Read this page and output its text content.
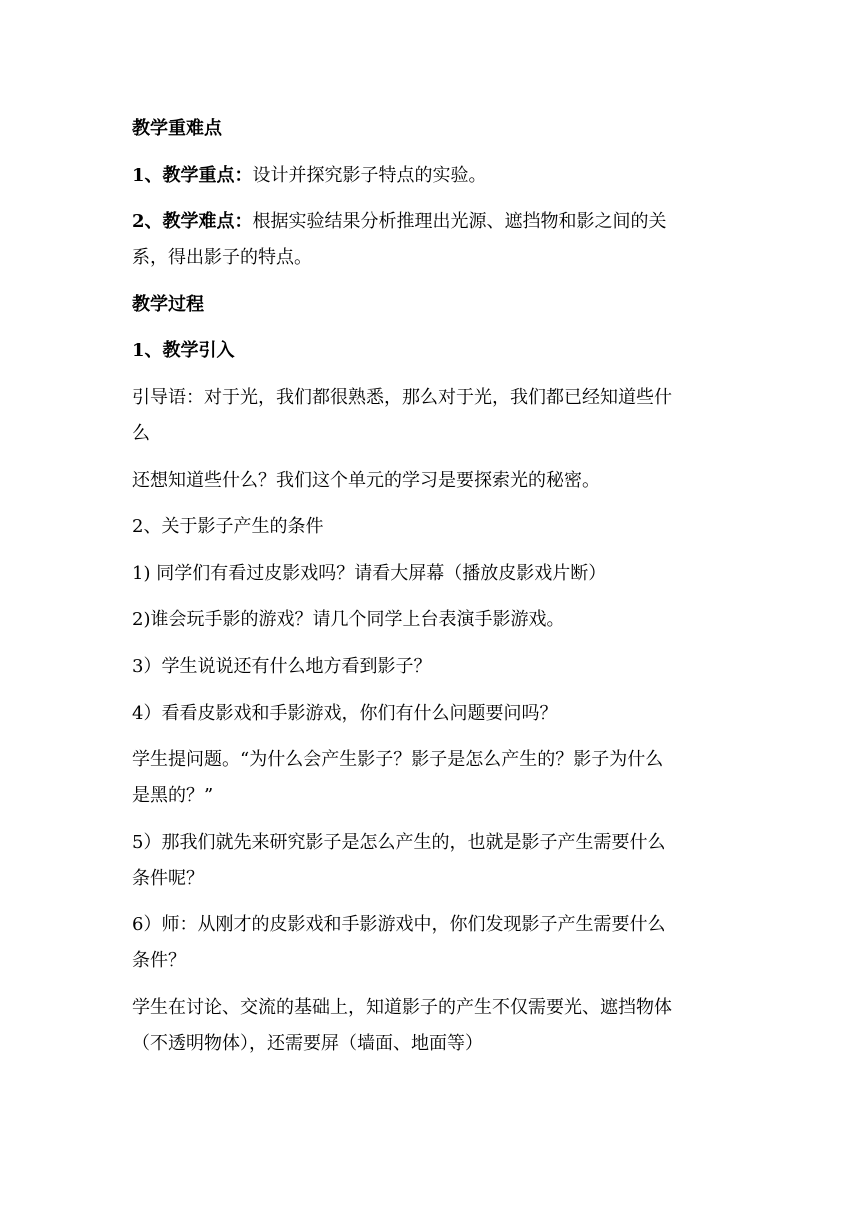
教学重难点
1、教学重点：设计并探究影子特点的实验。
2、教学难点：根据实验结果分析推理出光源、遮挡物和影之间的关
系，得出影子的特点。
教学过程
1、教学引入
引导语：对于光，我们都很熟悉，那么对于光，我们都已经知道些什
么
还想知道些什么？我们这个单元的学习是要探索光的秘密。
2、关于影子产生的条件
1) 同学们有看过皮影戏吗？请看大屏幕（播放皮影戏片断）
2)谁会玩手影的游戏？请几个同学上台表演手影游戏。
3）学生说说还有什么地方看到影子？
4）看看皮影戏和手影游戏，你们有什么问题要问吗？
学生提问题。“为什么会产生影子？影子是怎么产生的？影子为什么
是黑的？”
5）那我们就先来研究影子是怎么产生的，也就是影子产生需要什么
条件呢？
6）师：从刚才的皮影戏和手影游戏中，你们发现影子产生需要什么
条件？
学生在讨论、交流的基础上，知道影子的产生不仅需要光、遮挡物体
（不透明物体），还需要屏（墙面、地面等）
